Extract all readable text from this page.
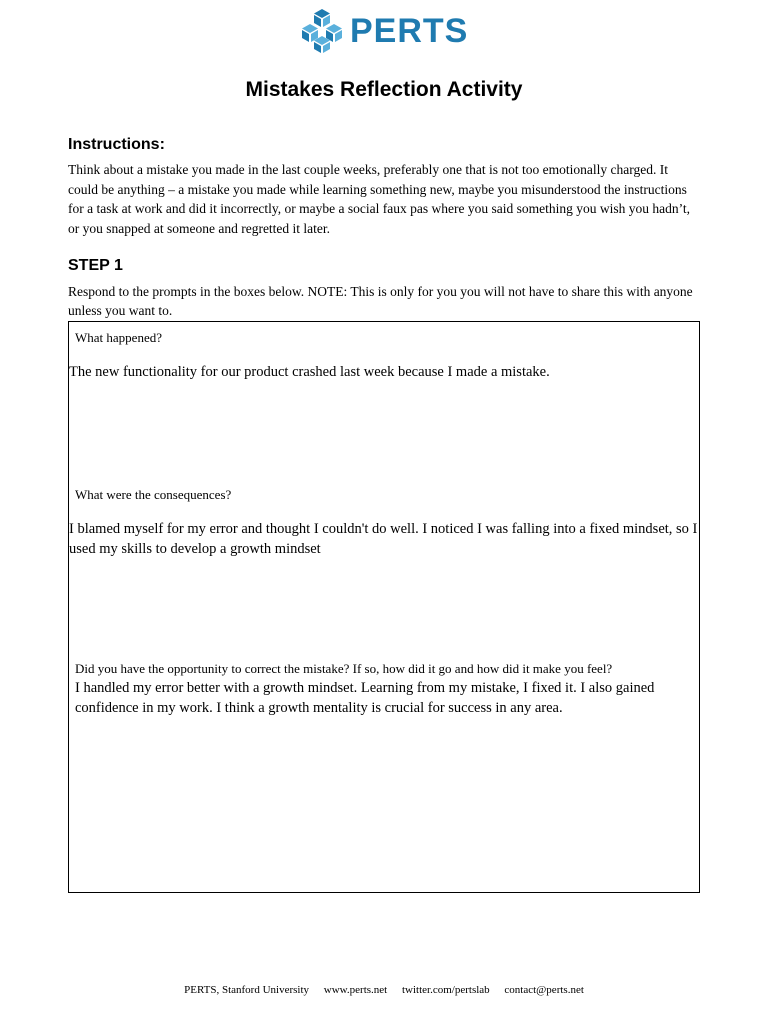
PERTS
Mistakes Reflection Activity
Instructions:
Think about a mistake you made in the last couple weeks, preferably one that is not too emotionally charged. It could be anything – a mistake you made while learning something new, maybe you misunderstood the instructions for a task at work and did it incorrectly, or maybe a social faux pas where you said something you wish you hadn’t, or you snapped at someone and regretted it later.
STEP 1
Respond to the prompts in the boxes below. NOTE: This is only for you you will not have to share this with anyone unless you want to.
What happened?
The new functionality for our product crashed last week because I made a mistake.
What were the consequences?
I blamed myself for my error and thought I couldn't do well. I noticed I was falling into a fixed mindset, so I used my skills to develop a growth mindset
Did you have the opportunity to correct the mistake? If so, how did it go and how did it make you feel?
I handled my error better with a growth mindset. Learning from my mistake, I fixed it. I also gained confidence in my work. I think a growth mentality is crucial for success in any area.
PERTS, Stanford University www.perts.net twitter.com/pertslab contact@perts.net
